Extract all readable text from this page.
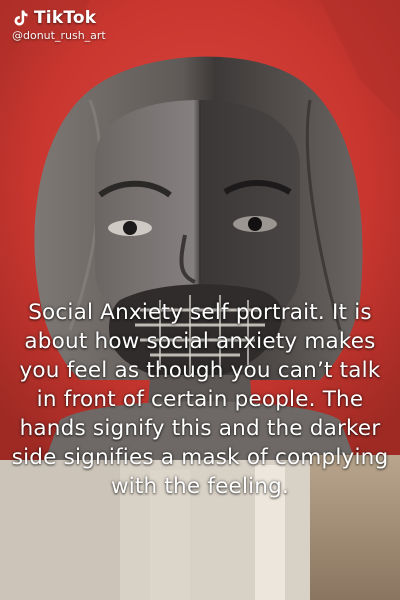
TikTok
@donut_rush_art
Social Anxiety self portrait. It is about how social anxiety makes you feel as though you can’t talk in front of certain people. The hands signify this and the darker side signifies a mask of complying with the feeling.
